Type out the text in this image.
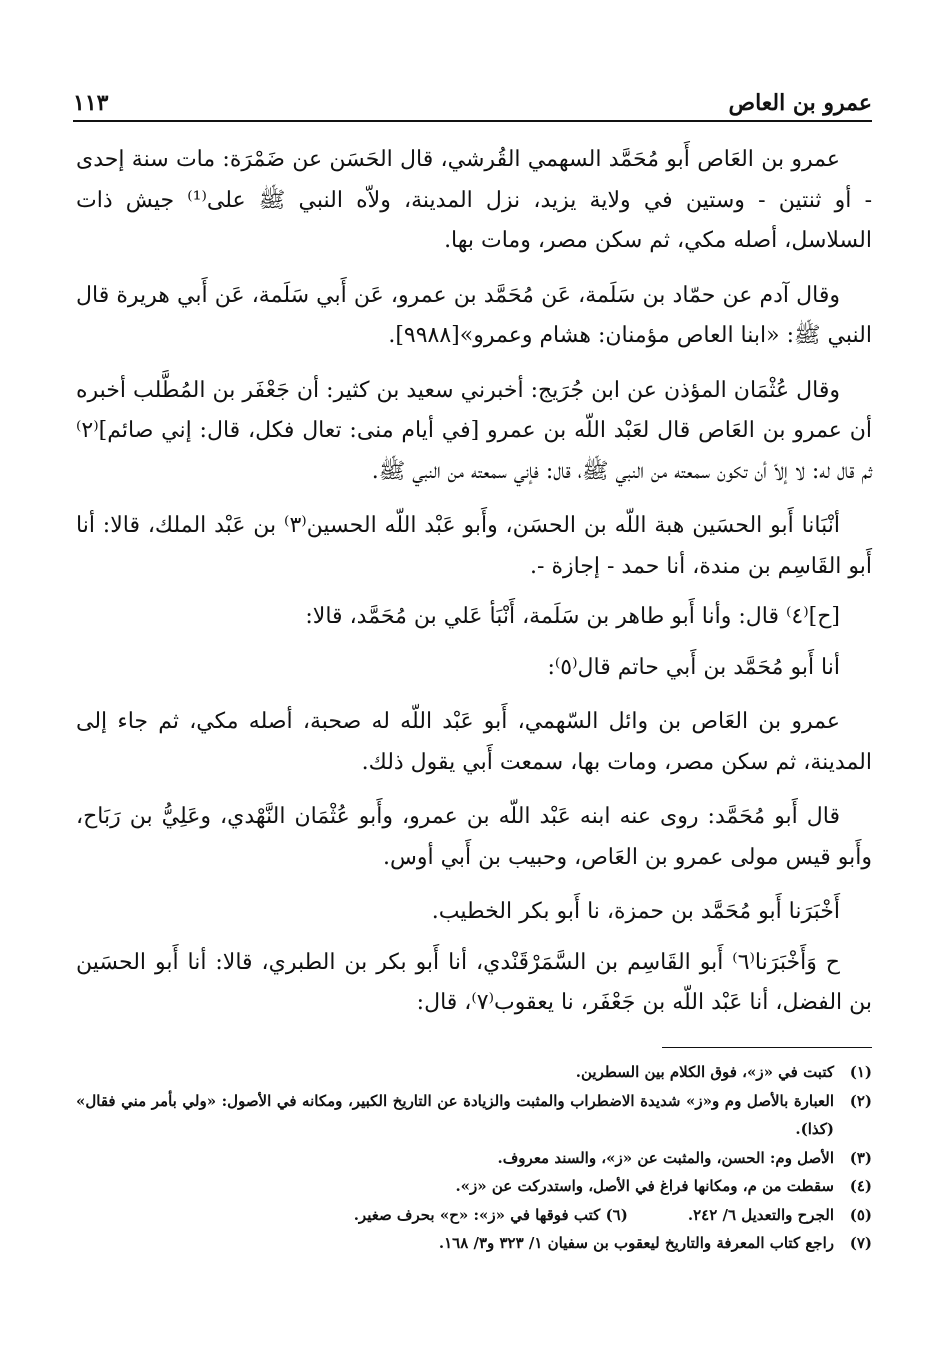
عمرو بن العاص
١١٣

عمرو بن العَاص أَبو مُحَمَّد السهمي القُرشي، قال الحَسَن عن ضَمْرَة: مات سنة إحدى - أو ثنتين - وستين في ولاية يزيد، نزل المدينة، ولاّه النبي ﷺ على⁽¹⁾ جيش ذات السلاسل، أصله مكي، ثم سكن مصر، ومات بها.

وقال آدم عن حمّاد بن سَلَمة، عَن مُحَمَّد بن عمرو، عَن أَبي سَلَمة، عَن أَبي هريرة قال النبي ﷺ: «ابنا العاص مؤمنان: هشام وعمرو»[٩٩٨٨].

وقال عُثْمَان المؤذن عن ابن جُرَيج: أخبرني سعيد بن كثير: أن جَعْفَر بن المُطَّلب أخبره أن عمرو بن العَاص قال لعَبْد اللّه بن عمرو [في أيام منى: تعال فكل، قال: إني صائم]⁽٢⁾ ثم قال له: لا إلاّ أن تكون سمعته من النبي ﷺ، قال: فإني سمعته من النبي ﷺ.

أنْبَانا أَبو الحسَين هبة اللّه بن الحسَن، وأَبو عَبْد اللّه الحسين⁽٣⁾ بن عَبْد الملك، قالا: أنا أَبو القَاسِم بن مندة، أنا حمد - إجازة -.

[ح]⁽٤⁾ قال: وأنا أَبو طاهر بن سَلَمة، أَنْبَأ عَلي بن مُحَمَّد، قالا:

أنا أَبو مُحَمَّد بن أَبي حاتم قال⁽٥⁾:

عمرو بن العَاص بن وائل السّهمي، أَبو عَبْد اللّه له صحبة، أصله مكي، ثم جاء إلى المدينة، ثم سكن مصر، ومات بها، سمعت أَبي يقول ذلك.

قال أَبو مُحَمَّد: روى عنه ابنه عَبْد اللّه بن عمرو، وأَبو عُثْمَان النَّهْدي، وعَلِيُّ بن رَبَاح، وأَبو قيس مولى عمرو بن العَاص، وحبيب بن أَبي أوس.

أَخْبَرَنا أَبو مُحَمَّد بن حمزة، نا أَبو بكر الخطيب.

ح وَأَخْبَرَنا⁽٦⁾ أَبو القَاسِم بن السَّمَرْقَنْدي، أنا أَبو بكر بن الطبري، قالا: أنا أَبو الحسَين بن الفضل، أنا عَبْد اللّه بن جَعْفَر، نا يعقوب⁽٧⁾، قال:

(١)
كتبت في «ز»، فوق الكلام بين السطرين.
(٢)
العبارة بالأصل وم و«ز» شديدة الاضطراب والمثبت والزيادة عن التاريخ الكبير، ومكانه في الأصول: «ولي بأمر مني فقال» (كذا).
(٣)
الأصل وم: الحسن، والمثبت عن «ز»، والسند معروف.
(٤)
سقطت من م، ومكانها فراغ في الأصل، واستدركت عن «ز».
(٥)
الجرح والتعديل ٦/ ٢٤٢.
(٦) كتب فوقها في «ز»: «ح» بحرف صغير.
(٧)
راجع كتاب المعرفة والتاريخ ليعقوب بن سفيان ١/ ٣٢٣ و٣/ ١٦٨.
